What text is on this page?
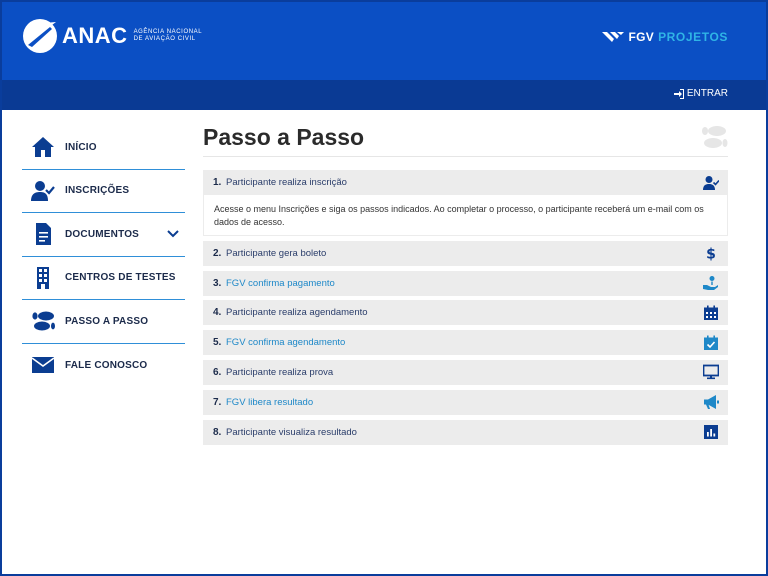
ANAC AGÊNCIA NACIONAL
DE AVIAÇÃO CIVIL	FGV PROJETOS
ENTRAR
INÍCIO
INSCRIÇÕES
DOCUMENTOS
CENTROS DE TESTES
PASSO A PASSO
FALE CONOSCO
Passo a Passo
1. Participante realiza inscrição
Acesse o menu Inscrições e siga os passos indicados. Ao completar o processo, o participante receberá um e-mail com os dados de acesso.
2. Participante gera boleto	$
3. FGV confirma pagamento
4. Participante realiza agendamento
5. FGV confirma agendamento
6. Participante realiza prova
7. FGV libera resultado
8. Participante visualiza resultado
